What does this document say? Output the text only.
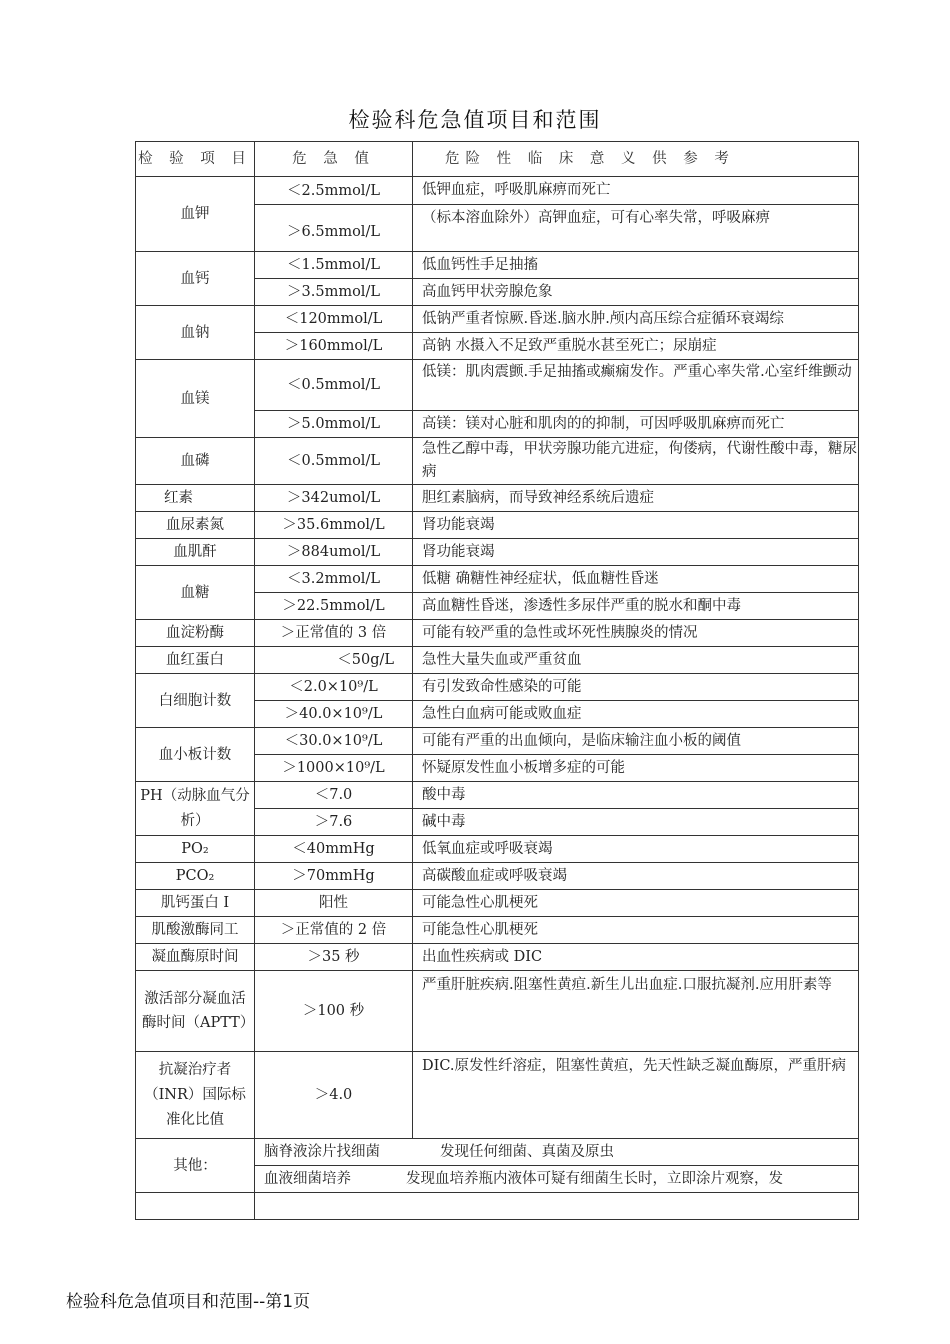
检验科危急值项目和范围
检 验 项 目	危 急 值	危险 性 临 床 意 义 供 参 考
血钾	＜2.5mmol/L	低钾血症，呼吸肌麻痹而死亡
	＞6.5mmol/L	（标本溶血除外）高钾血症，可有心率失常，呼吸麻痹
血钙	＜1.5mmol/L	低血钙性手足抽搐
	＞3.5mmol/L	高血钙甲状旁腺危象
血钠	＜120mmol/L	低钠严重者惊厥.昏迷.脑水肿.颅内高压综合症循环衰竭综
	＞160mmol/L	高钠 水摄入不足致严重脱水甚至死亡；尿崩症
血镁	＜0.5mmol/L	低镁：肌肉震颤.手足抽搐或癫痫发作。严重心率失常.心室纤维颤动
	＞5.0mmol/L	高镁：镁对心脏和肌肉的的抑制，可因呼吸肌麻痹而死亡
血磷	＜0.5mmol/L	急性乙醇中毒，甲状旁腺功能亢进症，佝偻病，代谢性酸中毒，糖尿病
红素	＞342umol/L	胆红素脑病，而导致神经系统后遗症
血尿素氮	＞35.6mmol/L	肾功能衰竭
血肌酐	＞884umol/L	肾功能衰竭
血糖	＜3.2mmol/L	低糖 确糖性神经症状，低血糖性昏迷
	＞22.5mmol/L	高血糖性昏迷，渗透性多尿伴严重的脱水和酮中毒
血淀粉酶	＞正常值的 3 倍	可能有较严重的急性或坏死性胰腺炎的情况
血红蛋白	＜50g/L	急性大量失血或严重贫血
白细胞计数	＜2.0×10⁹/L	有引发致命性感染的可能
	＞40.0×10⁹/L	急性白血病可能或败血症
血小板计数	＜30.0×10⁹/L	可能有严重的出血倾向，是临床输注血小板的阈值
	＞1000×10⁹/L	怀疑原发性血小板增多症的可能
PH（动脉血气分析）	＜7.0	酸中毒
	＞7.6	碱中毒
PO₂	＜40mmHg	低氧血症或呼吸衰竭
PCO₂	＞70mmHg	高碳酸血症或呼吸衰竭
肌钙蛋白 I	阳性	可能急性心肌梗死
肌酸激酶同工	＞正常值的 2 倍	可能急性心肌梗死
凝血酶原时间	＞35 秒	出血性疾病或 DIC
激活部分凝血活酶时间（APTT）	＞100 秒	严重肝脏疾病.阻塞性黄疸.新生儿出血症.口服抗凝剂.应用肝素等
抗凝治疗者（INR）国际标准化比值	＞4.0	DIC.原发性纤溶症，阻塞性黄疸，先天性缺乏凝血酶原，严重肝病
其他：	脑脊液涂片找细菌 发现任何细菌、真菌及原虫	
	血液细菌培养 发现血培养瓶内液体可疑有细菌生长时，立即涂片观察，发	

检验科危急值项目和范围--第1页
